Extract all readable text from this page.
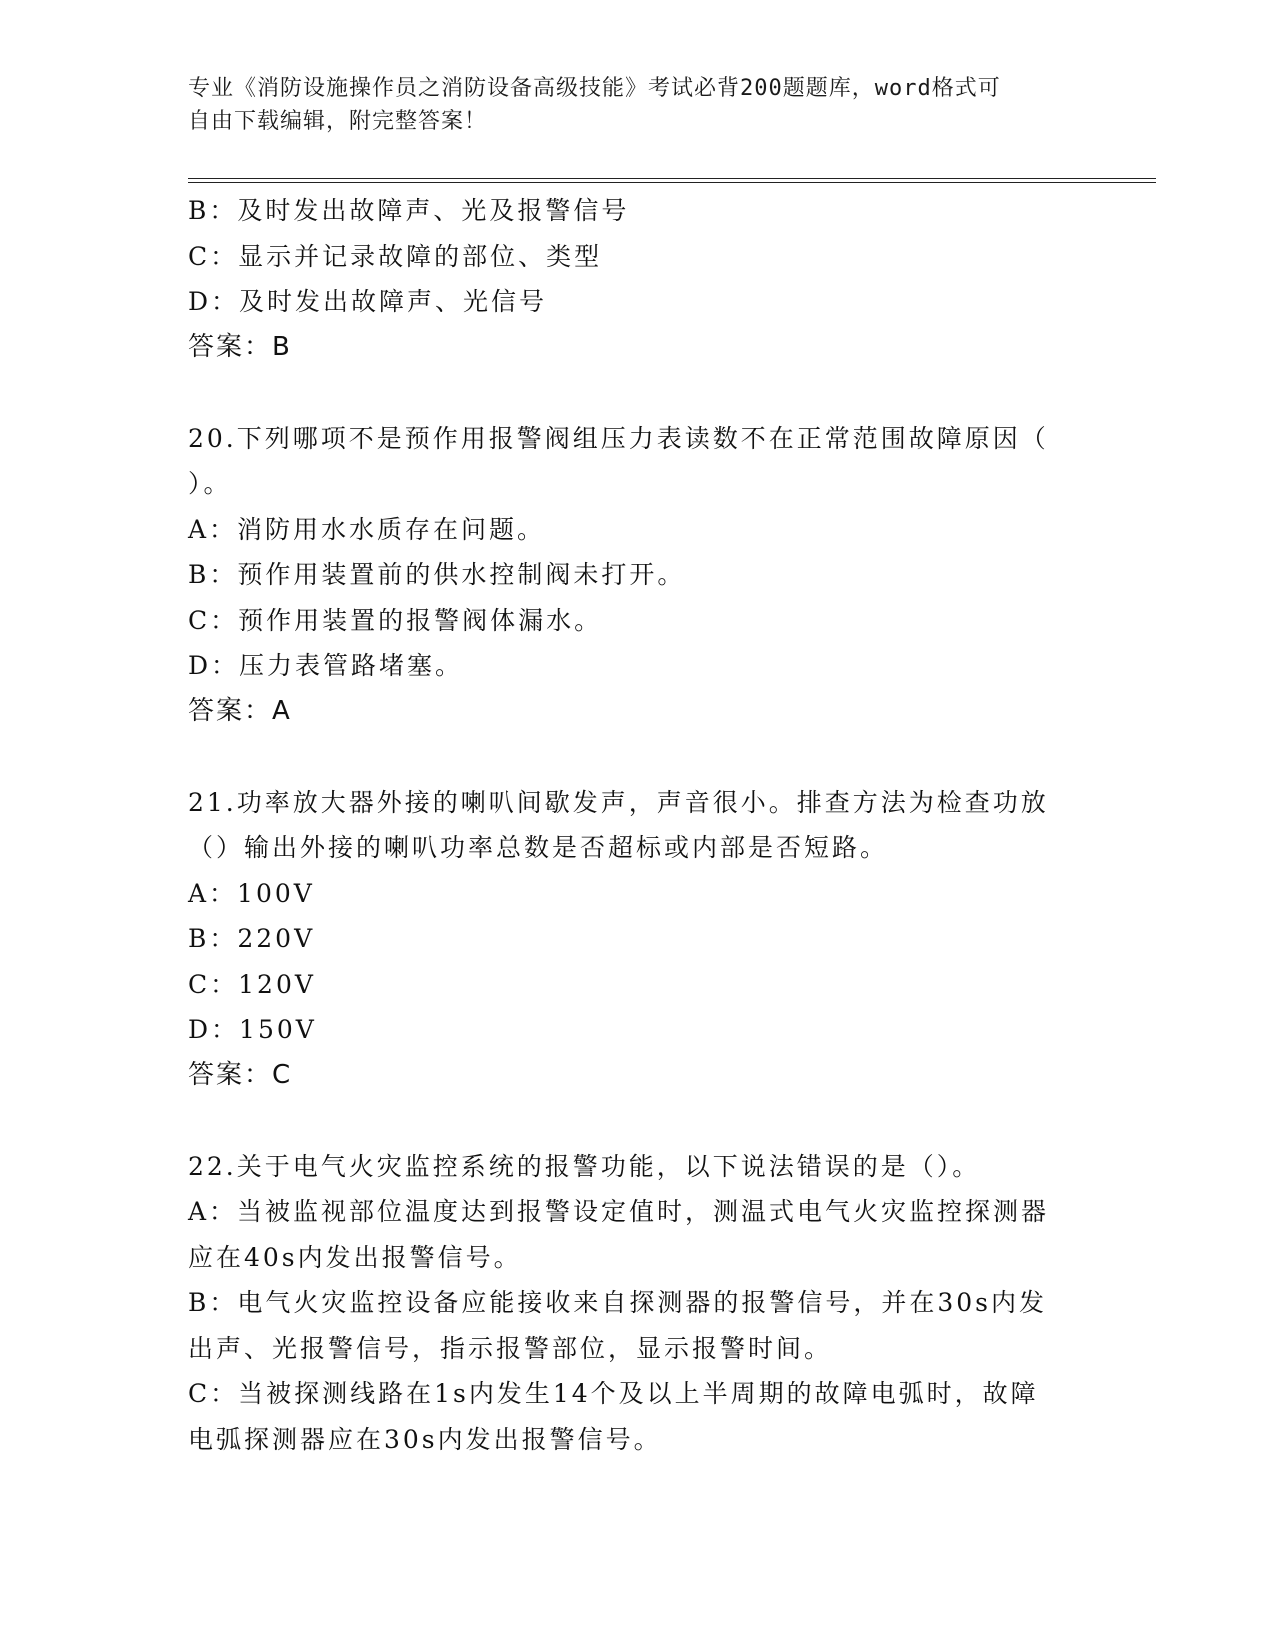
专业《消防设施操作员之消防设备高级技能》考试必背200题题库，word格式可
自由下载编辑，附完整答案！
B：及时发出故障声、光及报警信号
C：显示并记录故障的部位、类型
D：及时发出故障声、光信号
答案：B
20.下列哪项不是预作用报警阀组压力表读数不在正常范围故障原因（
）。
A：消防用水水质存在问题。
B：预作用装置前的供水控制阀未打开。
C：预作用装置的报警阀体漏水。
D：压力表管路堵塞。
答案：A
21.功率放大器外接的喇叭间歇发声，声音很小。排查方法为检查功放
（）输出外接的喇叭功率总数是否超标或内部是否短路。
A：100V
B：220V
C：120V
D：150V
答案：C
22.关于电气火灾监控系统的报警功能，以下说法错误的是（）。
A：当被监视部位温度达到报警设定值时，测温式电气火灾监控探测器
应在40s内发出报警信号。
B：电气火灾监控设备应能接收来自探测器的报警信号，并在30s内发
出声、光报警信号，指示报警部位，显示报警时间。
C：当被探测线路在1s内发生14个及以上半周期的故障电弧时，故障
电弧探测器应在30s内发出报警信号。
